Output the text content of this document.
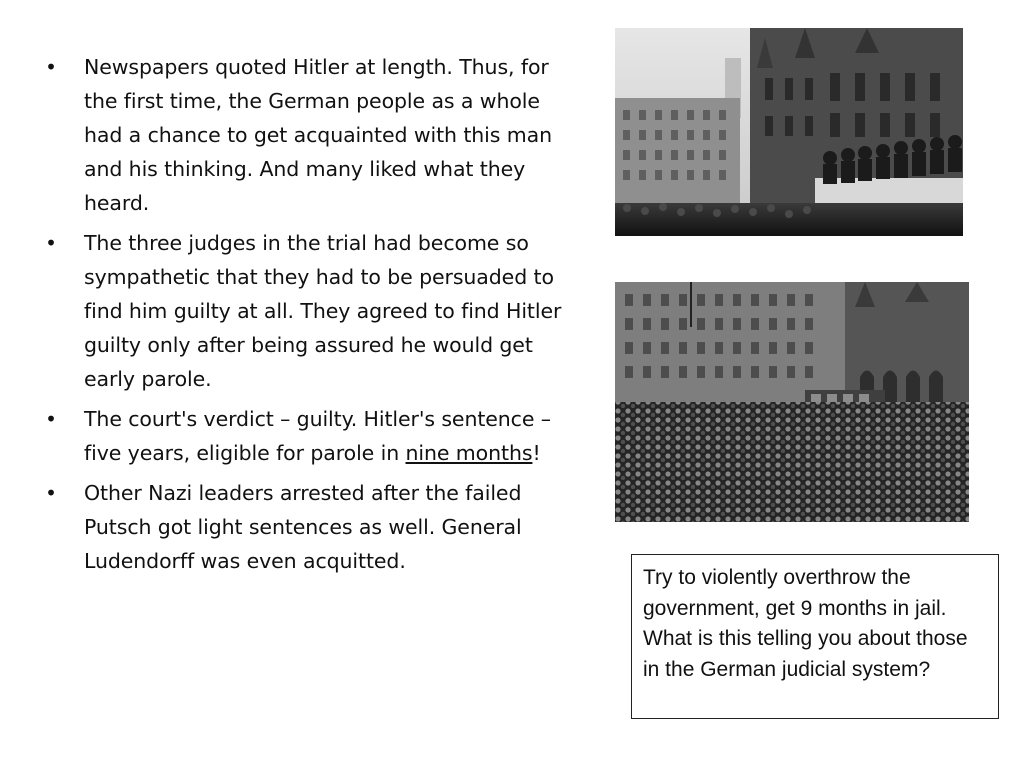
• Newspapers quoted Hitler at length. Thus, for the first time, the German people as a whole had a chance to get acquainted with this man and his thinking. And many liked what they heard.
• The three judges in the trial had become so sympathetic that they had to be persuaded to find him guilty at all. They agreed to find Hitler guilty only after being assured he would get early parole.
• The court's verdict – guilty. Hitler's sentence – five years, eligible for parole in nine months!
• Other Nazi leaders arrested after the failed Putsch got light sentences as well. General Ludendorff was even acquitted.
Try to violently overthrow the government, get 9 months in jail. What is this telling you about those in the German judicial system?
